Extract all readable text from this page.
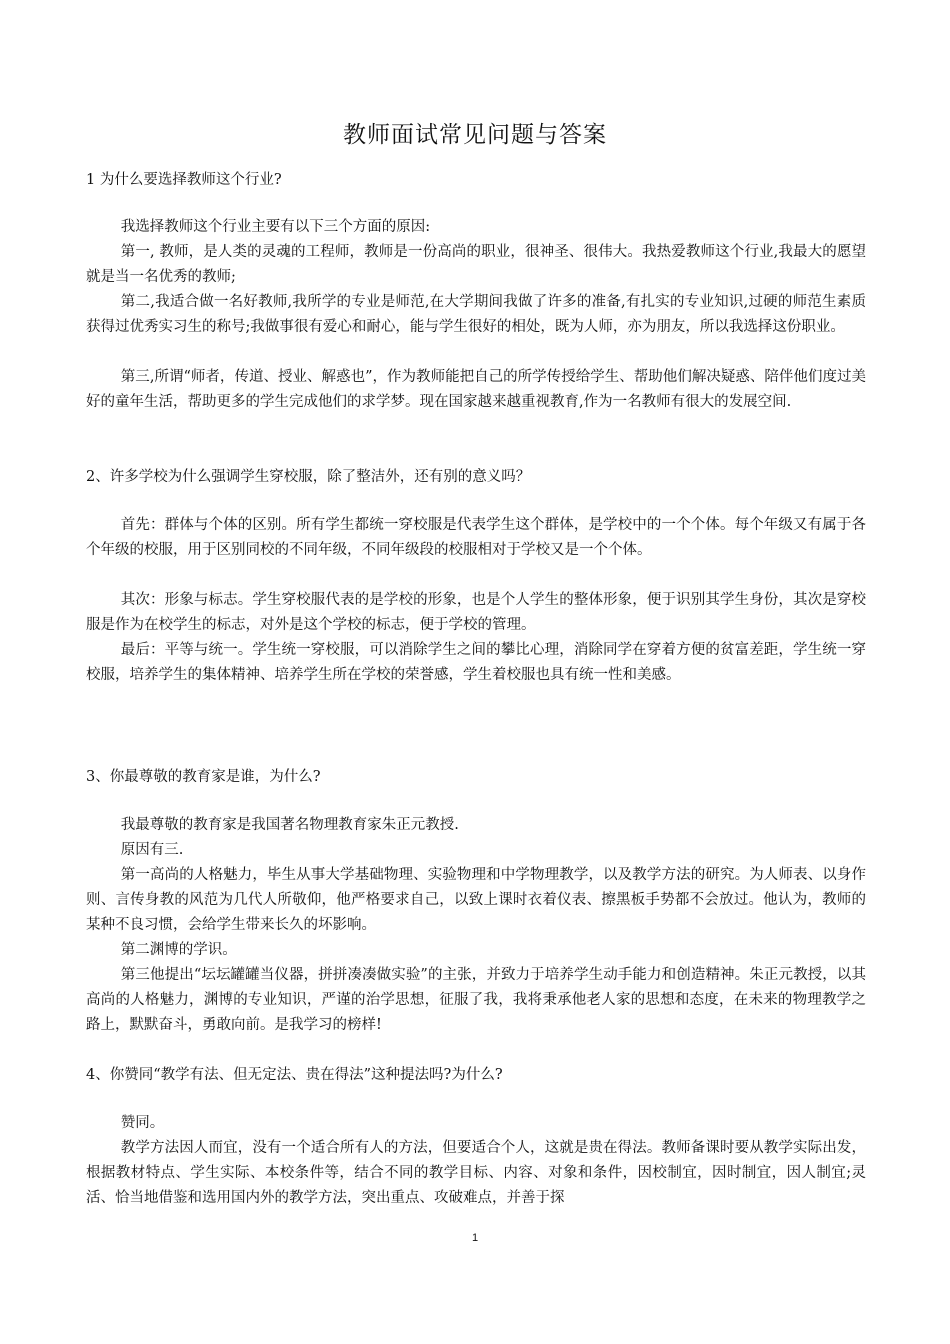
教师面试常见问题与答案
1 为什么要选择教师这个行业?
我选择教师这个行业主要有以下三个方面的原因:
第一, 教师，是人类的灵魂的工程师，教师是一份高尚的职业，很神圣、很伟大。我热爱教师这个行业,我最大的愿望就是当一名优秀的教师;
第二,我适合做一名好教师,我所学的专业是师范,在大学期间我做了许多的准备,有扎实的专业知识,过硬的师范生素质获得过优秀实习生的称号;我做事很有爱心和耐心，能与学生很好的相处，既为人师，亦为朋友，所以我选择这份职业。
第三,所谓“师者，传道、授业、解惑也”，作为教师能把自己的所学传授给学生、帮助他们解决疑惑、陪伴他们度过美好的童年生活，帮助更多的学生完成他们的求学梦。现在国家越来越重视教育,作为一名教师有很大的发展空间.
2、许多学校为什么强调学生穿校服，除了整洁外，还有别的意义吗？
首先：群体与个体的区别。所有学生都统一穿校服是代表学生这个群体，是学校中的一个个体。每个年级又有属于各个年级的校服，用于区别同校的不同年级，不同年级段的校服相对于学校又是一个个体。
其次：形象与标志。学生穿校服代表的是学校的形象，也是个人学生的整体形象，便于识别其学生身份，其次是穿校服是作为在校学生的标志，对外是这个学校的标志，便于学校的管理。
最后：平等与统一。学生统一穿校服，可以消除学生之间的攀比心理，消除同学在穿着方便的贫富差距，学生统一穿校服，培养学生的集体精神、培养学生所在学校的荣誉感，学生着校服也具有统一性和美感。
3、你最尊敬的教育家是谁，为什么?
我最尊敬的教育家是我国著名物理教育家朱正元教授.
原因有三.
第一高尚的人格魅力，毕生从事大学基础物理、实验物理和中学物理教学，以及教学方法的研究。为人师表、以身作则、言传身教的风范为几代人所敬仰，他严格要求自己，以致上课时衣着仪表、擦黑板手势都不会放过。他认为，教师的某种不良习惯，会给学生带来长久的坏影响。
第二渊博的学识。
第三他提出“坛坛罐罐当仪器，拼拼凑凑做实验”的主张，并致力于培养学生动手能力和创造精神。朱正元教授，以其高尚的人格魅力，渊博的专业知识，严谨的治学思想，征服了我，我将秉承他老人家的思想和态度，在未来的物理教学之路上，默默奋斗，勇敢向前。是我学习的榜样!
4、你赞同“教学有法、但无定法、贵在得法”这种提法吗?为什么?
赞同。
教学方法因人而宜，没有一个适合所有人的方法，但要适合个人，这就是贵在得法。教师备课时要从教学实际出发，根据教材特点、学生实际、本校条件等，结合不同的教学目标、内容、对象和条件，因校制宜，因时制宜，因人制宜;灵活、恰当地借鉴和选用国内外的教学方法，突出重点、攻破难点，并善于探
1
